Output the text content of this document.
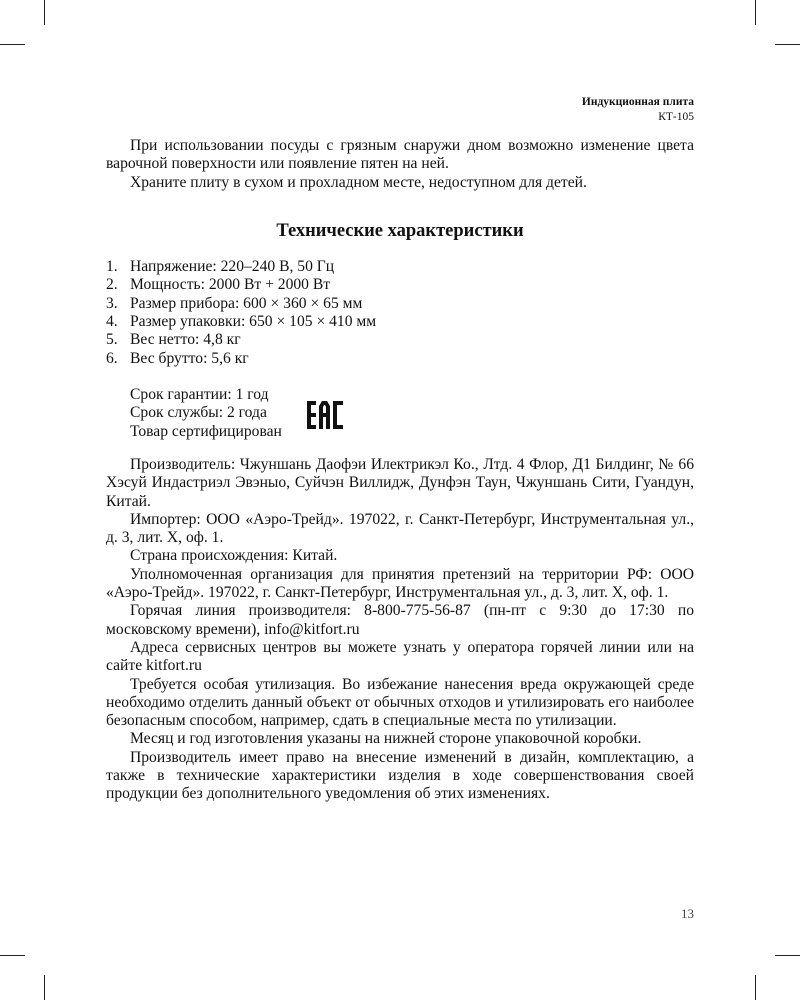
Индукционная плита
КТ-105

При использовании посуды с грязным снаружи дном возможно изменение цвета варочной поверхности или появление пятен на ней.

Храните плиту в сухом и прохладном месте, недоступном для детей.

Технические характеристики
1. Напряжение: 220–240 В, 50 Гц
2. Мощность: 2000 Вт + 2000 Вт
3. Размер прибора: 600 × 360 × 65 мм
4. Размер упаковки: 650 × 105 × 410 мм
5. Вес нетто: 4,8 кг
6. Вес брутто: 5,6 кг
Срок гарантии: 1 год
Срок службы: 2 года
Товар сертифицирован

Производитель: Чжуншань Даофэи Илектрикэл Ко., Лтд. 4 Флор, Д1 Билдинг, № 66 Хэсуй Индастриэл Эвэныо, Суйчэн Виллидж, Дунфэн Таун, Чжуншань Сити, Гуандун, Китай.

Импортер: ООО «Аэро-Трейд». 197022, г. Санкт-Петербург, Инструментальная ул., д. 3, лит. Х, оф. 1.

Страна происхождения: Китай.

Уполномоченная организация для принятия претензий на территории РФ: ООО «Аэро-Трейд». 197022, г. Санкт-Петербург, Инструментальная ул., д. 3, лит. Х, оф. 1.

Горячая линия производителя: 8-800-775-56-87 (пн-пт с 9:30 до 17:30 по московскому времени), info@kitfort.ru

Адреса сервисных центров вы можете узнать у оператора горячей линии или на сайте kitfort.ru

Требуется особая утилизация. Во избежание нанесения вреда окружающей среде необходимо отделить данный объект от обычных отходов и утилизировать его наиболее безопасным способом, например, сдать в специальные места по утилизации.

Месяц и год изготовления указаны на нижней стороне упаковочной коробки.

Производитель имеет право на внесение изменений в дизайн, комплектацию, а также в технические характеристики изделия в ходе совершенствования своей продукции без дополнительного уведомления об этих изменениях.

13
